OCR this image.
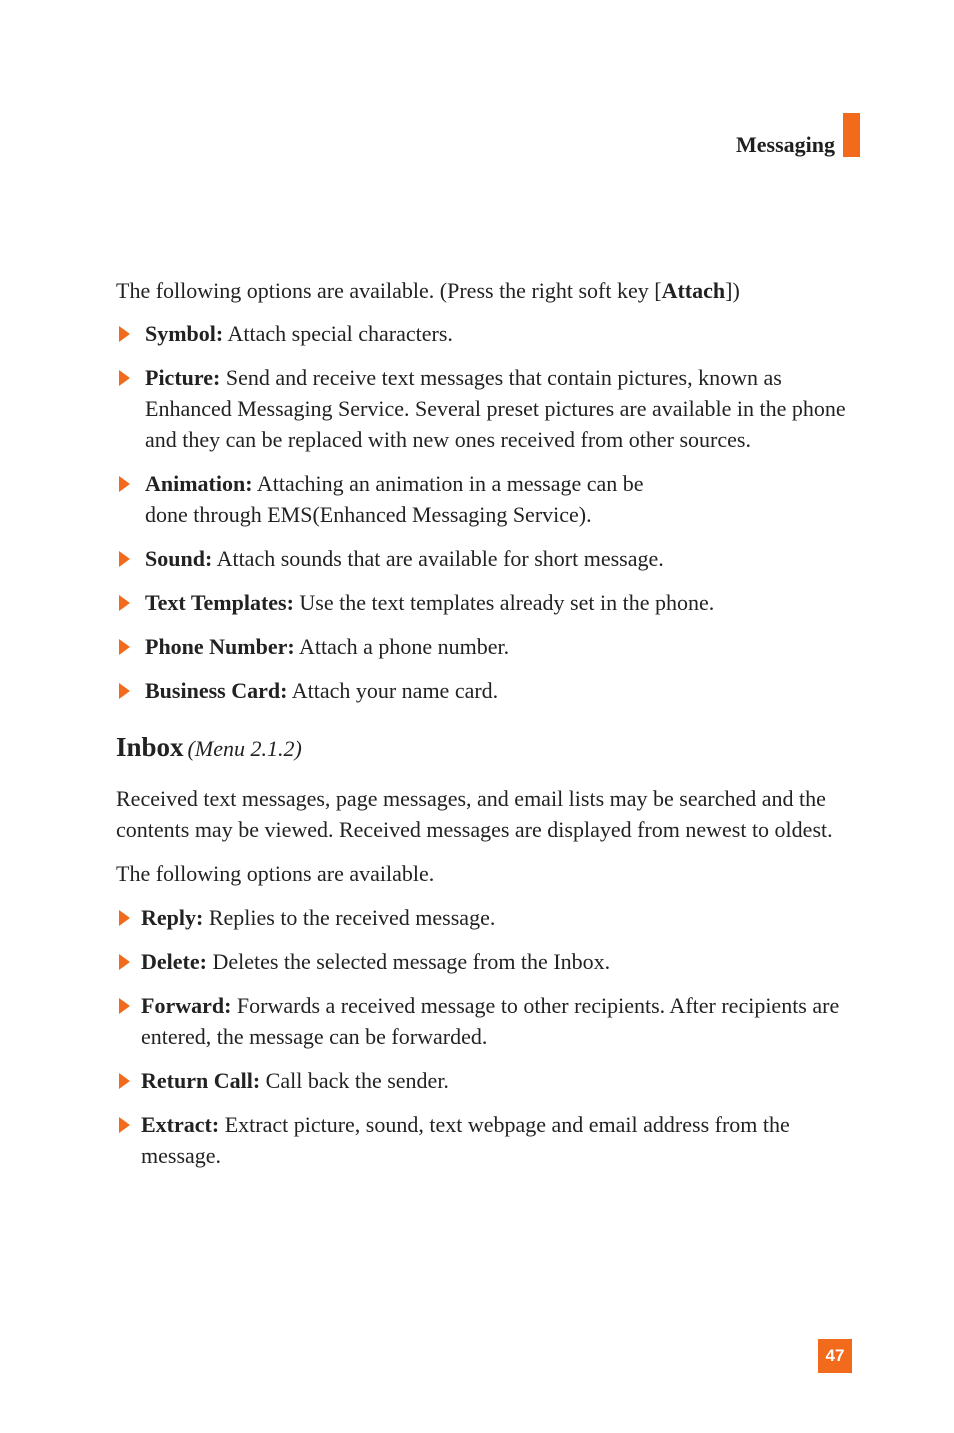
Messaging

The following options are available. (Press the right soft key [Attach])

Symbol: Attach special characters.
Picture: Send and receive text messages that contain pictures, known as Enhanced Messaging Service. Several preset pictures are available in the phone and they can be replaced with new ones received from other sources.
Animation: Attaching an animation in a message can be
done through EMS(Enhanced Messaging Service).
Sound: Attach sounds that are available for short message.
Text Templates: Use the text templates already set in the phone.
Phone Number: Attach a phone number.
Business Card: Attach your name card.
Inbox (Menu 2.1.2)

Received text messages, page messages, and email lists may be searched and the contents may be viewed. Received messages are displayed from newest to oldest.

The following options are available.

Reply: Replies to the received message.
Delete: Deletes the selected message from the Inbox.
Forward: Forwards a received message to other recipients. After recipients are entered, the message can be forwarded.
Return Call: Call back the sender.
Extract: Extract picture, sound, text webpage and email address from the message.
47
